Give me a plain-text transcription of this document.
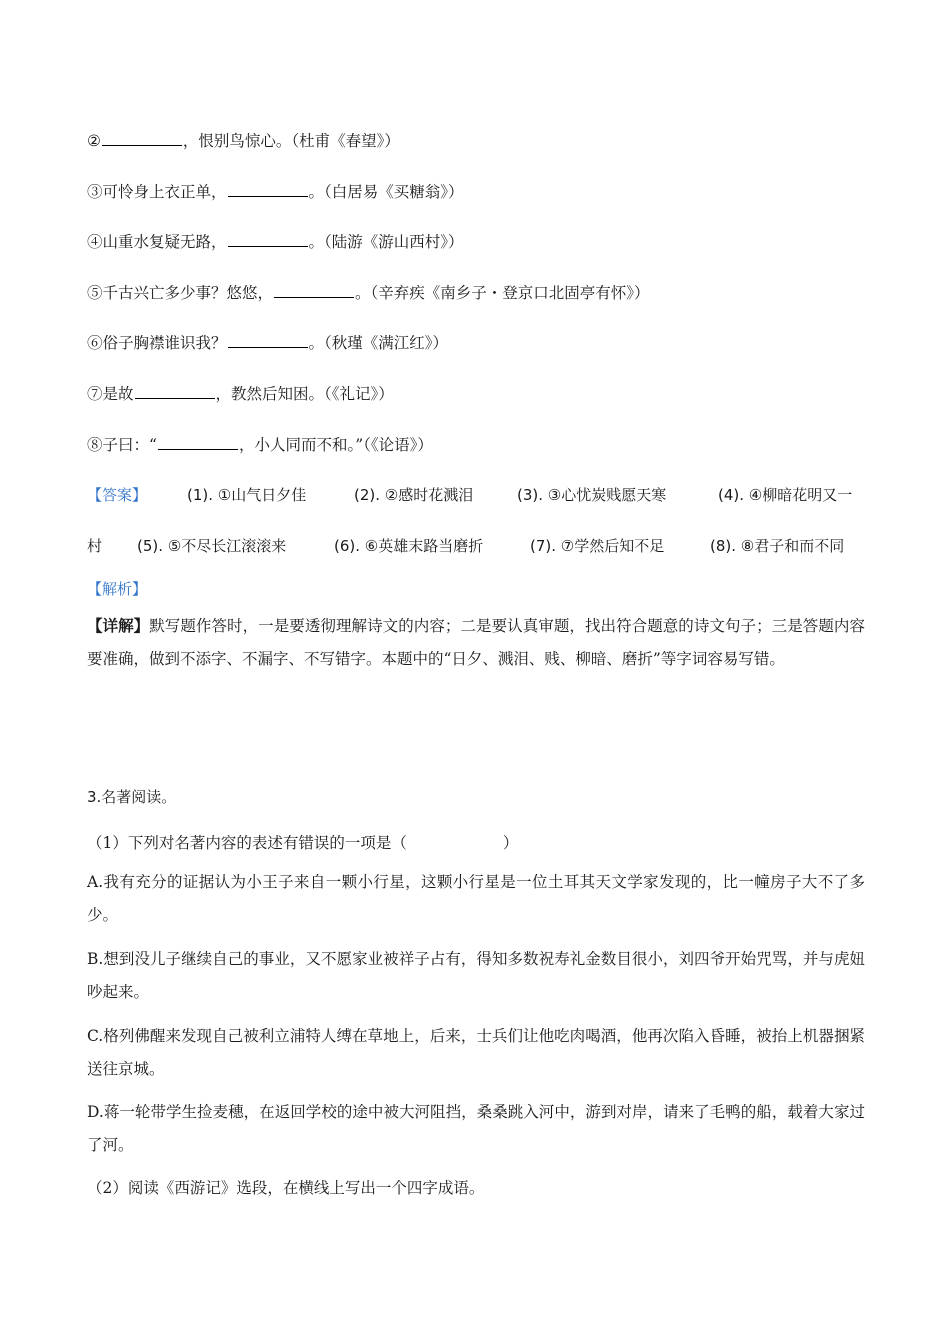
②	，恨别鸟惊心。（杜甫《春望》）
③可怜身上衣正单，	。（白居易《买糖翁》）
④山重水复疑无路，	。（陆游《游山西村》）
⑤千古兴亡多少事？悠悠，	。（辛弃疾《南乡子・登京口北固亭有怀》）
⑥俗子胸襟谁识我？	。（秋瑾《满江红》）
⑦是故	，教然后知困。（《礼记》）
⑧子曰：“	，小人同而不和。”（《论语》）
【答案】	(1). ①山气日夕佳	(2). ②感时花溅泪	(3). ③心忧炭贱愿天寒	(4). ④柳暗花明又一
村 (5). ⑤不尽长江滚滚来	(6). ⑥英雄末路当磨折	(7). ⑦学然后知不足	(8). ⑧君子和而不同
【解析】
【详解】默写题作答时，一是要透彻理解诗文的内容；二是要认真审题，找出符合题意的诗文句子；三是答题内容要准确，做到不添字、不漏字、不写错字。本题中的“日夕、溅泪、贱、柳暗、磨折”等字词容易写错。
3.名著阅读。
（1）下列对名著内容的表述有错误的一项是（	）
A.我有充分的证据认为小王子来自一颗小行星，这颗小行星是一位土耳其天文学家发现的，比一幢房子大不了多少。
B.想到没儿子继续自己的事业，又不愿家业被祥子占有，得知多数祝寿礼金数目很小，刘四爷开始咒骂，并与虎妞吵起来。
C.格列佛醒来发现自己被利立浦特人缚在草地上，后来，士兵们让他吃肉喝酒，他再次陷入昏睡，被抬上机器捆紧送往京城。
D.蒋一轮带学生捡麦穗，在返回学校的途中被大河阻挡，桑桑跳入河中，游到对岸，请来了毛鸭的船，载着大家过了河。
（2）阅读《西游记》选段，在横线上写出一个四字成语。
